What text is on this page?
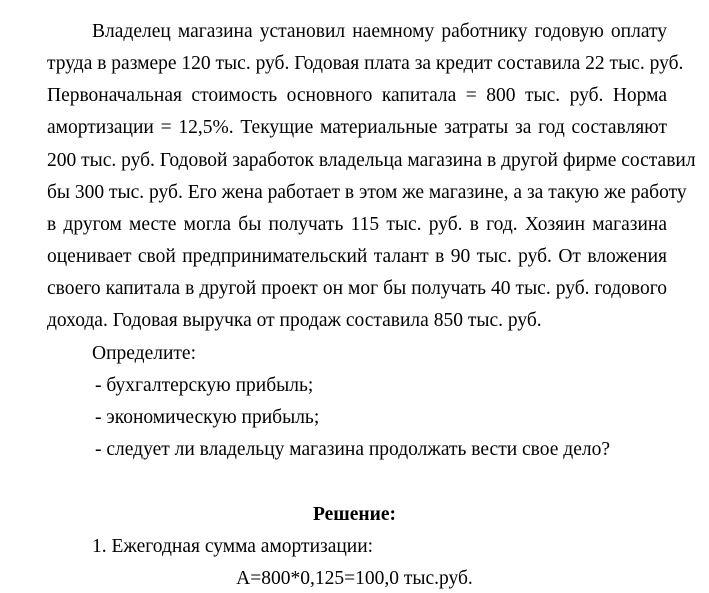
Владелец магазина установил наемному работнику годовую оплату
труда в размере 120 тыс. руб. Годовая плата за кредит составила 22 тыс. руб.
Первоначальная стоимость основного капитала = 800 тыс. руб. Норма
амортизации = 12,5%. Текущие материальные затраты за год составляют
200 тыс. руб. Годовой заработок владельца магазина в другой фирме составил
бы 300 тыс. руб. Его жена работает в этом же магазине, а за такую же работу
в другом месте могла бы получать 115 тыс. руб. в год. Хозяин магазина
оценивает свой предпринимательский талант в 90 тыс. руб. От вложения
своего капитала в другой проект он мог бы получать 40 тыс. руб. годового
дохода. Годовая выручка от продаж составила 850 тыс. руб.
Определите:
- бухгалтерскую прибыль;
- экономическую прибыль;
- следует ли владельцу магазина продолжать вести свое дело?
Решение:
1. Ежегодная сумма амортизации:
А=800*0,125=100,0 тыс.руб.
